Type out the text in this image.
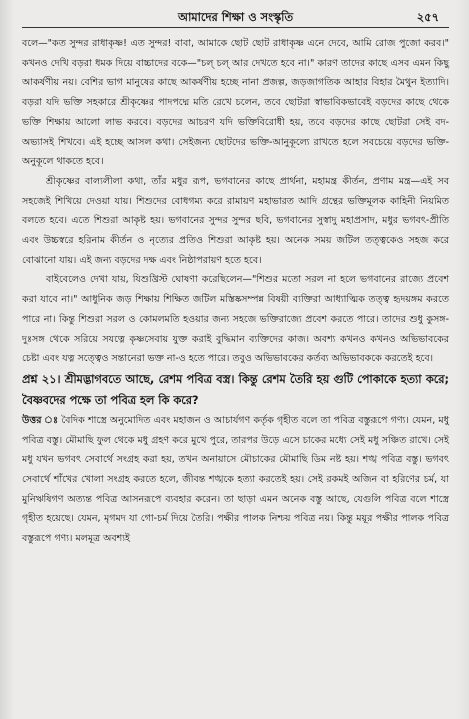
আমাদের শিক্ষা ও সংস্কৃতি	২৫৭

বলে—"কত সুন্দর রাধাকৃষ্ণ! এত সুন্দর! বাবা, আমাকে ছোট ছোট রাধাকৃষ্ণ এনে দেবে, আমি রোজ পুজো করব।" কখনও দেখি বড়রা ধমক দিয়ে বাচ্চাদের বকে—"চল্ চল্ আর দেখতে হবে না।" কারণ তাদের কাছে এসব এমন কিছু আকর্ষণীয় নয়। বেশির ভাগ মানুষের কাছে আকর্ষণীয় হচ্ছে নানা প্রজল্প, জড়জাগতিক আহার বিহার মৈথুন ইত্যাদি। বড়রা যদি ভক্তি সহকারে শ্রীকৃষ্ণের পাদপদ্মে মতি রেখে চলেন, তবে ছোটরা স্বাভাবিকভাবেই বড়দের কাছে থেকে ভক্তি শিক্ষায় আলো লাভ করবে। বড়দের আচরণ যদি ভক্তিবিরোধী হয়, তবে বড়দের কাছে ছোটরা সেই বদ-অভ্যাসই শিখবে। এই হচ্ছে আসল কথা। সেইজন্য ছোটদের ভক্তি-আনুকূল্যে রাখতে হলে সবচেয়ে বড়দের ভক্তি-অনুকূলে থাকতে হবে।

শ্রীকৃষ্ণের বাল্যলীলা কথা, তাঁর মধুর রূপ, ভগবানের কাছে প্রার্থনা, মহামন্ত্র কীর্তন, প্রণাম মন্ত্র—এই সব সহজেই শিখিয়ে দেওয়া যায়। শিশুদের বোধগম্য করে রামায়ণ মহাভারত আদি গ্রন্থের ভক্তিমূলক কাহিনী নিয়মিত বলতে হবে। এতে শিশুরা আকৃষ্ট হয়। ভগবানের সুন্দর সুন্দর ছবি, ভগবানের সুস্বাদু মহাপ্রসাদ, মধুর ভগবৎ-প্রীতি এবং উচ্চস্বরে হরিনাম কীর্তন ও নৃত্যের প্রতিও শিশুরা আকৃষ্ট হয়। অনেক সময় জটিল তত্ত্বকেও সহজ করে বোঝানো যায়। এই জন্য বড়দের দক্ষ এবং নিষ্ঠাপরায়ণ হতে হবে।

বাইবেলেও দেখা যায়, যিশুখ্রিস্ট ঘোষণা করেছিলেন—"শিশুর মতো সরল না হলে ভগবানের রাজ্যে প্রবেশ করা যাবে না।" আধুনিক জড় শিক্ষায় শিক্ষিত জটিল মস্তিষ্কসম্পন্ন বিষয়ী ব্যক্তিরা আধ্যাত্মিক তত্ত্ব হৃদয়ঙ্গম করতে পারে না। কিন্তু শিশুরা সরল ও কোমলমতি হওয়ার জন্য সহজে ভক্তিরাজ্যে প্রবেশ করতে পারে। তাদের শুধু কুসঙ্গ-দুঃসঙ্গ থেকে সরিয়ে সযত্নে কৃষ্ণসেবায় যুক্ত করাই বুদ্ধিমান ব্যক্তিদের কাজ। অবশ্য কখনও কখনও অভিভাবকের চেষ্টা এবং যত্ন সত্ত্বেও সন্তানেরা ভক্ত না-ও হতে পারে। তবুও অভিভাবকের কর্তব্য অভিভাবককে করতেই হবে।

প্রশ্ন ২১। শ্রীমদ্ভাগবতে আছে, রেশম পবিত্র বস্ত্র। কিন্তু রেশম তৈরি হয় গুটি পোকাকে হত্যা করে; বৈষ্ণবদের পক্ষে তা পবিত্র হল কি করে?

উত্তর ঃ বৈদিক শাস্ত্রে অনুমোদিত এবং মহাজন ও আচার্যগণ কর্তৃক গৃহীত বলে তা পবিত্র বস্তুরূপে গণ্য। যেমন, মধু পবিত্র বস্তু। মৌমাছি ফুল থেকে মধু গ্রহণ করে মুখে পুরে, তারপর উড়ে এসে চাকের মধ্যে সেই মধু সঞ্চিত রাখে। সেই মধু যখন ভগবৎ সেবার্থে সংগ্রহ করা হয়, তখন অনায়াসে মৌচাকের মৌমাছি ডিম নষ্ট হয়। শঙ্খ পবিত্র বস্তু। ভগবৎ সেবার্থে শাঁখের খোলা সংগ্রহ করতে হলে, জীবন্ত শঙ্খকে হত্যা করতেই হয়। সেই রকমই অজিন বা হরিণের চর্ম, যা মুনিঋষিগণ অত্যন্ত পবিত্র আসনরূপে ব্যবহার করেন। তা ছাড়া এমন অনেক বস্তু আছে, যেগুলি পবিত্র বলে শাস্ত্রে গৃহীত হয়েছে। যেমন, মৃগমদ যা গো-চর্ম দিয়ে তৈরি। পক্ষীর পালক নিশ্চয় পবিত্র নয়। কিন্তু ময়ূর পক্ষীর পালক পবিত্র বস্তুরূপে গণ্য। মলমূত্র অবশ্যই
